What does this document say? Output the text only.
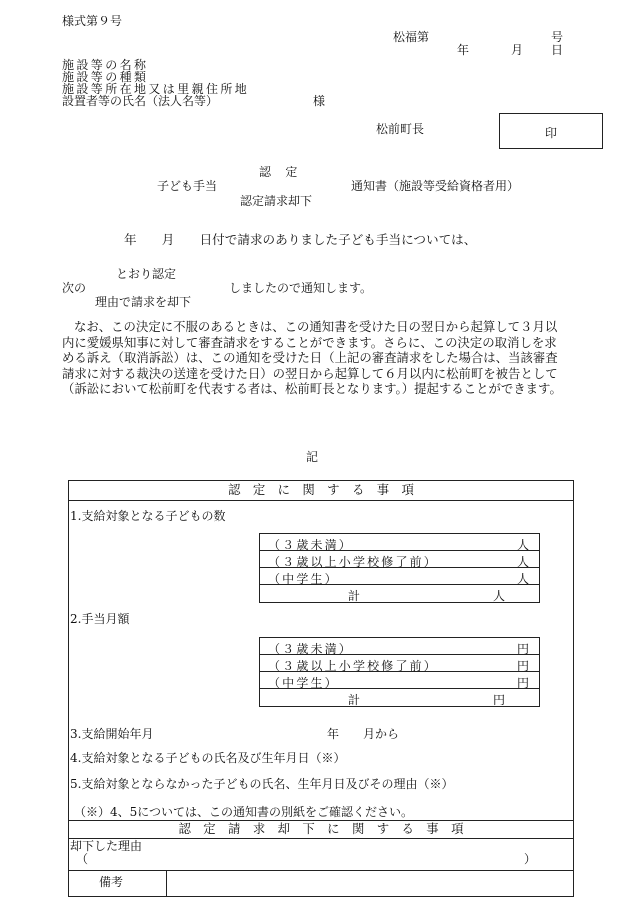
様式第９号
松福第	号
年	月 日
施設等の名称
施設等の種類
施設等所在地又は里親住所地
設置者等の氏名（法人名等）	様
松前町長	印
認　定
子ども手当	通知書（施設等受給資格者用）
認定請求却下
年　　月　　日付で請求のありました子ども手当については、
とおり認定
次の	しましたので通知します。
理由で請求を却下
なお、この決定に不服のあるときは、この通知書を受けた日の翌日から起算して３月以内に愛媛県知事に対して審査請求をすることができます。さらに、この決定の取消しを求める訴え（取消訴訟）は、この通知を受けた日（上記の審査請求をした場合は、当該審査請求に対する裁決の送達を受けた日）の翌日から起算して６月以内に松前町を被告として（訴訟において松前町を代表する者は、松前町長となります。）提起することができます。
記
認　定　に　関　す　る　事　項
1.支給対象となる子どもの数
（３歳未満）	人
（３歳以上小学校修了前）	人
（中学生）	人
計	人
2.手当月額
（３歳未満）	円
（３歳以上小学校修了前）	円
（中学生）	円
計	円
3.支給開始年月	年　　月から
4.支給対象となる子どもの氏名及び生年月日（※）
5.支給対象とならなかった子どもの氏名、生年月日及びその理由（※）
（※）4、5については、この通知書の別紙をご確認ください。
認　定　請　求　却　下　に　関　す　る　事　項
却下した理由
（	）
備考
